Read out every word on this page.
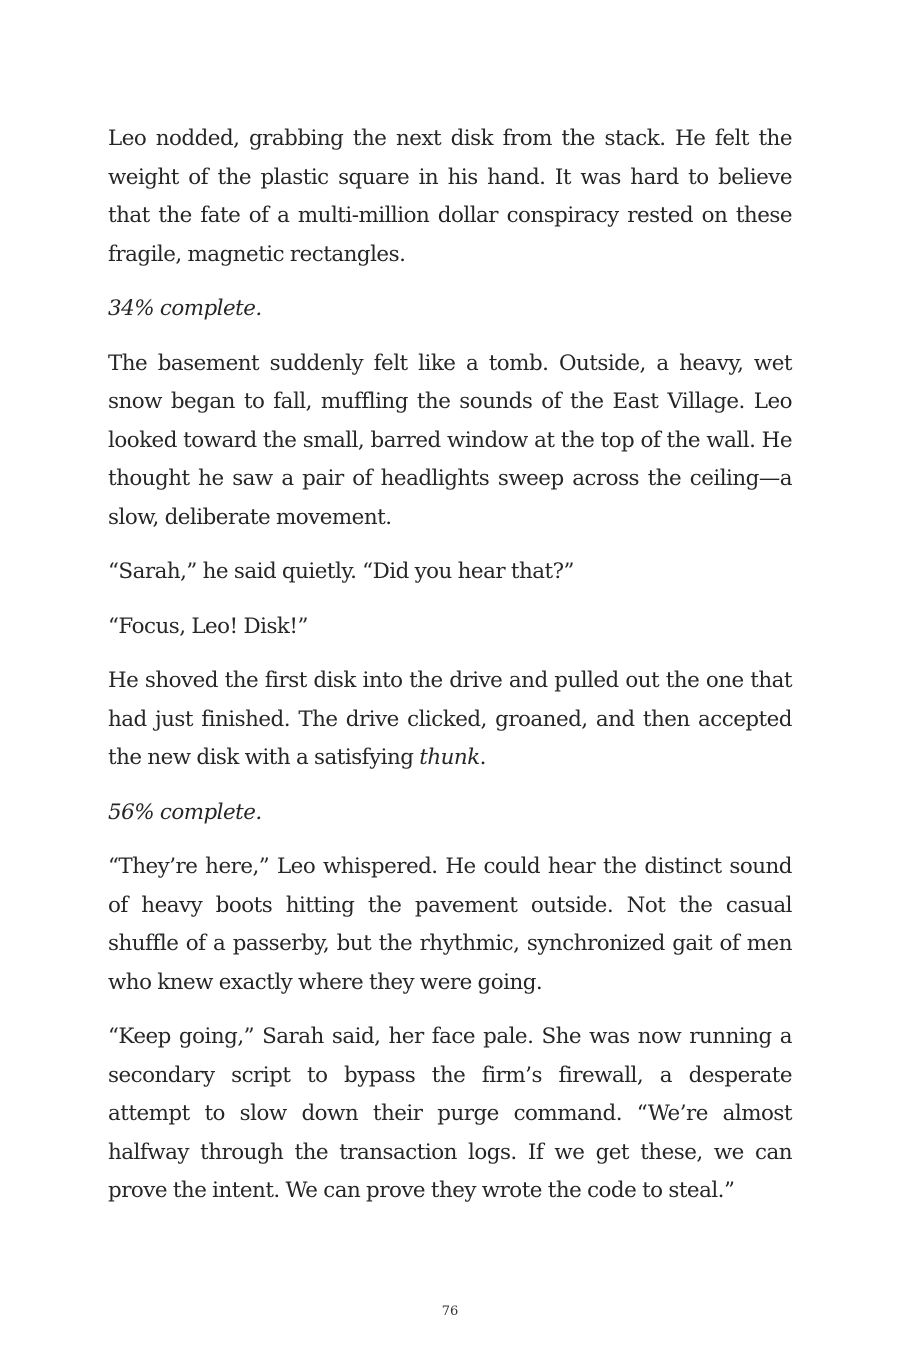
Leo nodded, grabbing the next disk from the stack. He felt the weight of the plastic square in his hand. It was hard to believe that the fate of a multi-million dollar conspiracy rested on these fragile, magnetic rectangles.

34% complete.

The basement suddenly felt like a tomb. Outside, a heavy, wet snow began to fall, muffling the sounds of the East Village. Leo looked toward the small, barred window at the top of the wall. He thought he saw a pair of headlights sweep across the ceiling—a slow, deliberate movement.

“Sarah,” he said quietly. “Did you hear that?”

“Focus, Leo! Disk!”

He shoved the first disk into the drive and pulled out the one that had just finished. The drive clicked, groaned, and then accepted the new disk with a satisfying thunk.

56% complete.

“They’re here,” Leo whispered. He could hear the distinct sound of heavy boots hitting the pavement outside. Not the casual shuffle of a passerby, but the rhythmic, synchronized gait of men who knew exactly where they were going.

“Keep going,” Sarah said, her face pale. She was now running a secondary script to bypass the firm’s firewall, a desperate attempt to slow down their purge command. “We’re almost halfway through the transaction logs. If we get these, we can prove the intent. We can prove they wrote the code to steal.”

76
